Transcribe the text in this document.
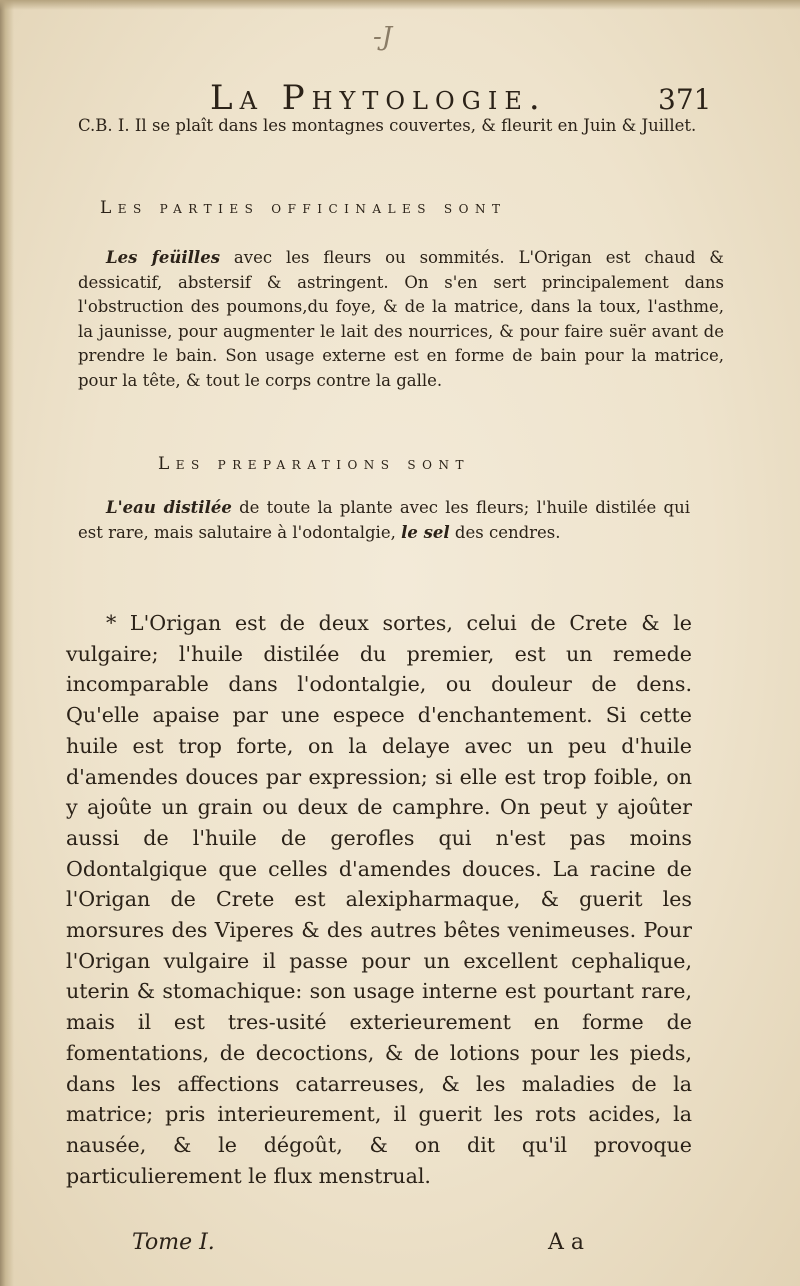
-J
La Phytologie.	371

C.B. I. Il se plaît dans les montagnes couvertes, & fleurit en Juin & Juillet.

Les parties officinales sont

Les feüilles avec les fleurs ou sommités. L'Origan est chaud & dessicatif, abstersif & astringent. On s'en sert principalement dans l'obstruction des poumons,du foye, & de la matrice, dans la toux, l'asthme, la jaunisse, pour augmenter le lait des nourrices, & pour faire suër avant de prendre le bain. Son usage externe est en forme de bain pour la matrice, pour la tête, & tout le corps contre la galle.

Les preparations sont

L'eau distilée de toute la plante avec les fleurs; l'huile distilée qui est rare, mais salutaire à l'odontalgie, le sel des cendres.

* L'Origan est de deux sortes, celui de Crete & le vulgaire; l'huile distilée du premier, est un remede incomparable dans l'odontalgie, ou douleur de dens. Qu'elle apaise par une espece d'enchantement. Si cette huile est trop forte, on la delaye avec un peu d'huile d'amendes douces par expression; si elle est trop foible, on y ajoûte un grain ou deux de camphre. On peut y ajoûter aussi de l'huile de gerofles qui n'est pas moins Odontalgique que celles d'amendes douces. La racine de l'Origan de Crete est alexipharmaque, & guerit les morsures des Viperes & des autres bêtes venimeuses. Pour l'Origan vulgaire il passe pour un excellent cephalique, uterin & stomachique: son usage interne est pourtant rare, mais il est tres-usité exterieurement en forme de fomentations, de decoctions, & de lotions pour les pieds, dans les affections catarreuses, & les maladies de la matrice; pris interieurement, il guerit les rots acides, la nausée, & le dégoût, & on dit qu'il provoque particulierement le flux menstrual.

Tome I.	A a
